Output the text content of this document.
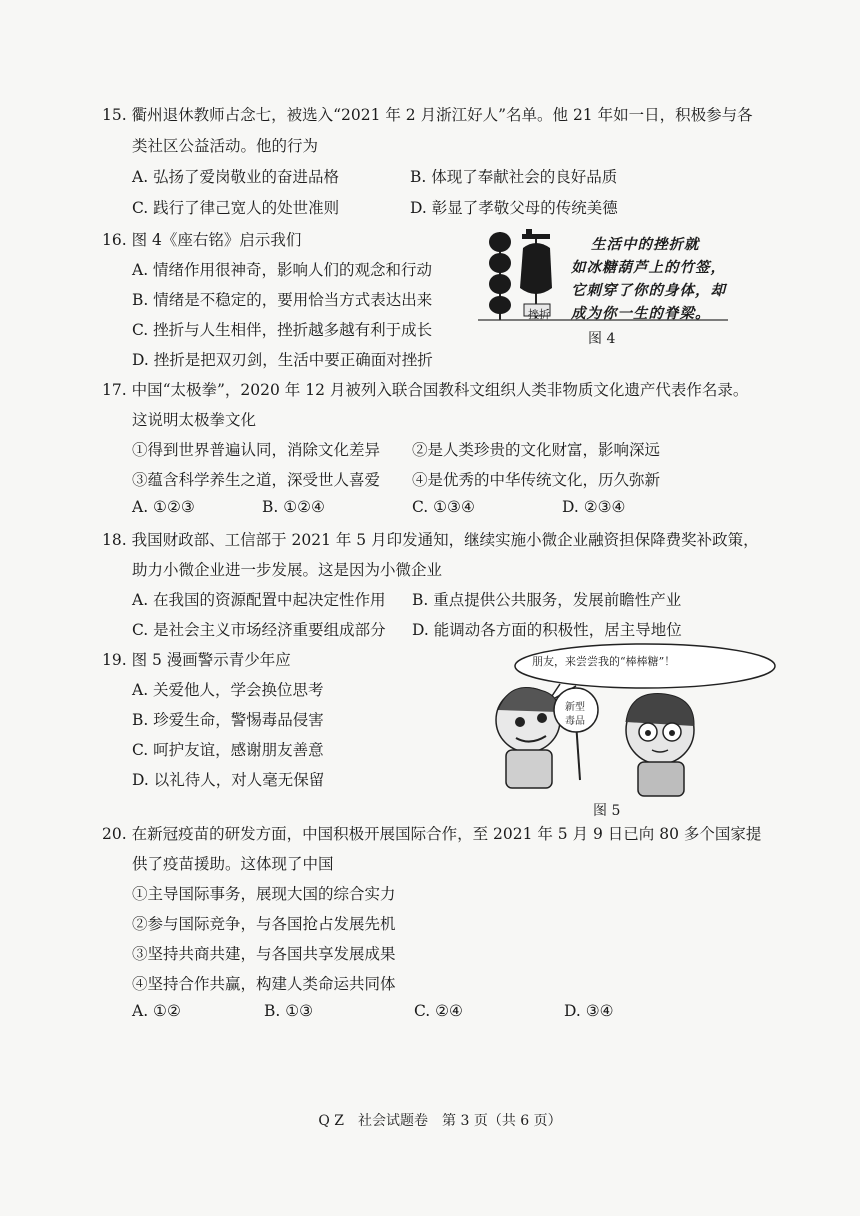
15. 衢州退休教师占念七，被选入“2021 年 2 月浙江好人”名单。他 21 年如一日，积极参与各
类社区公益活动。他的行为
A. 弘扬了爱岗敬业的奋进品格	B. 体现了奉献社会的良好品质
C. 践行了律己宽人的处世准则	D. 彰显了孝敬父母的传统美德
16. 图 4《座右铭》启示我们
A. 情绪作用很神奇，影响人们的观念和行动
B. 情绪是不稳定的，要用恰当方式表达出来
C. 挫折与人生相伴，挫折越多越有利于成长
D. 挫折是把双刃剑，生活中要正确面对挫折
挫折
生活中的挫折就
如冰糖葫芦上的竹签，
它刺穿了你的身体，却
成为你一生的脊梁。
图 4
17. 中国“太极拳”，2020 年 12 月被列入联合国教科文组织人类非物质文化遗产代表作名录。
这说明太极拳文化
①得到世界普遍认同，消除文化差异 ②是人类珍贵的文化财富，影响深远
③蕴含科学养生之道，深受世人喜爱 ④是优秀的中华传统文化，历久弥新
A. ①②③	B. ①②④	C. ①③④	D. ②③④
18. 我国财政部、工信部于 2021 年 5 月印发通知，继续实施小微企业融资担保降费奖补政策，
助力小微企业进一步发展。这是因为小微企业
A. 在我国的资源配置中起决定性作用 B. 重点提供公共服务，发展前瞻性产业
C. 是社会主义市场经济重要组成部分 D. 能调动各方面的积极性，居主导地位
19. 图 5 漫画警示青少年应
A. 关爱他人，学会换位思考
B. 珍爱生命，警惕毒品侵害
C. 呵护友谊，感谢朋友善意
D. 以礼待人，对人毫无保留
朋友，来尝尝我的“棒棒糖”！
新型
毒品
图 5
20. 在新冠疫苗的研发方面，中国积极开展国际合作，至 2021 年 5 月 9 日已向 80 多个国家提
供了疫苗援助。这体现了中国
①主导国际事务，展现大国的综合实力
②参与国际竞争，与各国抢占发展先机
③坚持共商共建，与各国共享发展成果
④坚持合作共赢，构建人类命运共同体
A. ①②	B. ①③	C. ②④	D. ③④
Q Z　社会试题卷　第 3 页（共 6 页）
